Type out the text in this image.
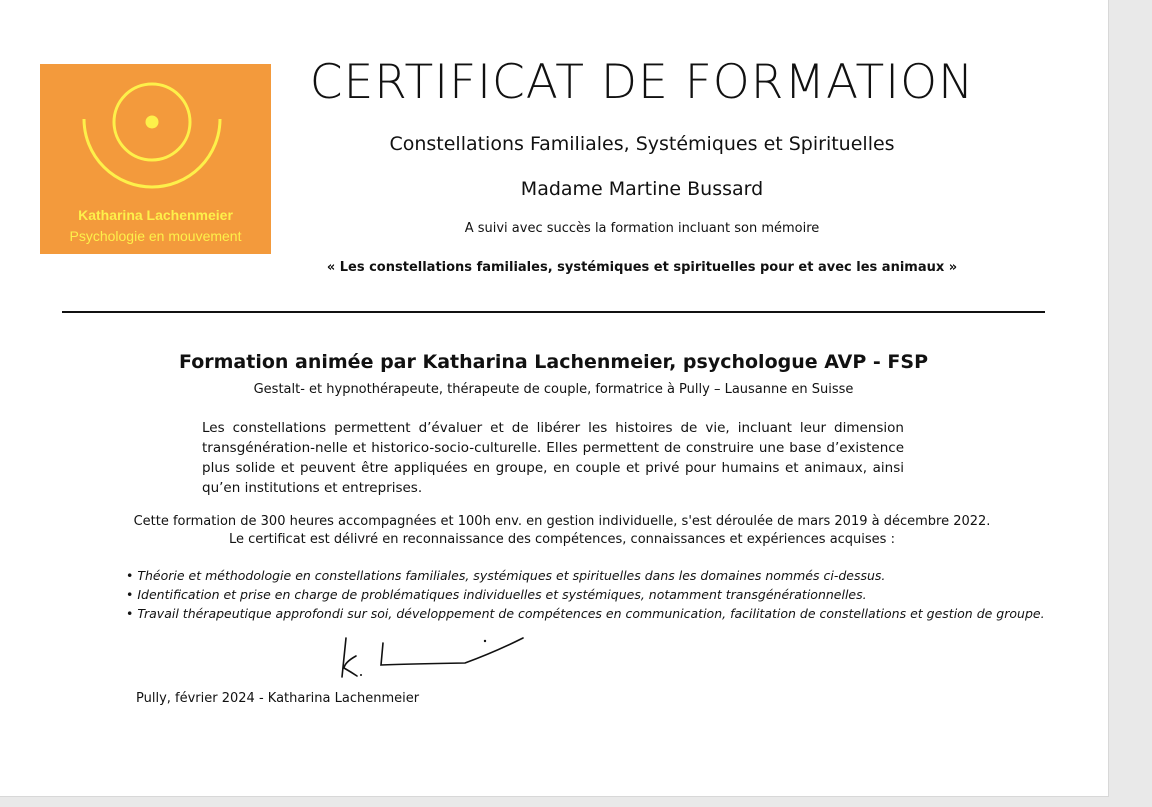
Katharina Lachenmeier
Psychologie en mouvement
CERTIFICAT DE FORMATION
Constellations Familiales, Systémiques et Spirituelles
Madame Martine Bussard
A suivi avec succès la formation incluant son mémoire
« Les constellations familiales, systémiques et spirituelles pour et avec les animaux »
Formation animée par Katharina Lachenmeier, psychologue AVP - FSP
Gestalt- et hypnothérapeute, thérapeute de couple, formatrice à Pully – Lausanne en Suisse
Les constellations permettent d’évaluer et de libérer les histoires de vie, incluant leur dimension transgénération-nelle et historico-socio-culturelle. Elles permettent de construire une base d’existence plus solide et peuvent être appliquées en groupe, en couple et privé pour humains et animaux, ainsi qu’en institutions et entreprises.
Cette formation de 300 heures accompagnées et 100h env. en gestion individuelle, s'est déroulée de mars 2019 à décembre 2022.
Le certificat est délivré en reconnaissance des compétences, connaissances et expériences acquises :
• Théorie et méthodologie en constellations familiales, systémiques et spirituelles dans les domaines nommés ci-dessus.
• Identification et prise en charge de problématiques individuelles et systémiques, notamment transgénérationnelles.
• Travail thérapeutique approfondi sur soi, développement de compétences en communication, facilitation de constellations et gestion de groupe.
Pully, février 2024 - Katharina Lachenmeier
